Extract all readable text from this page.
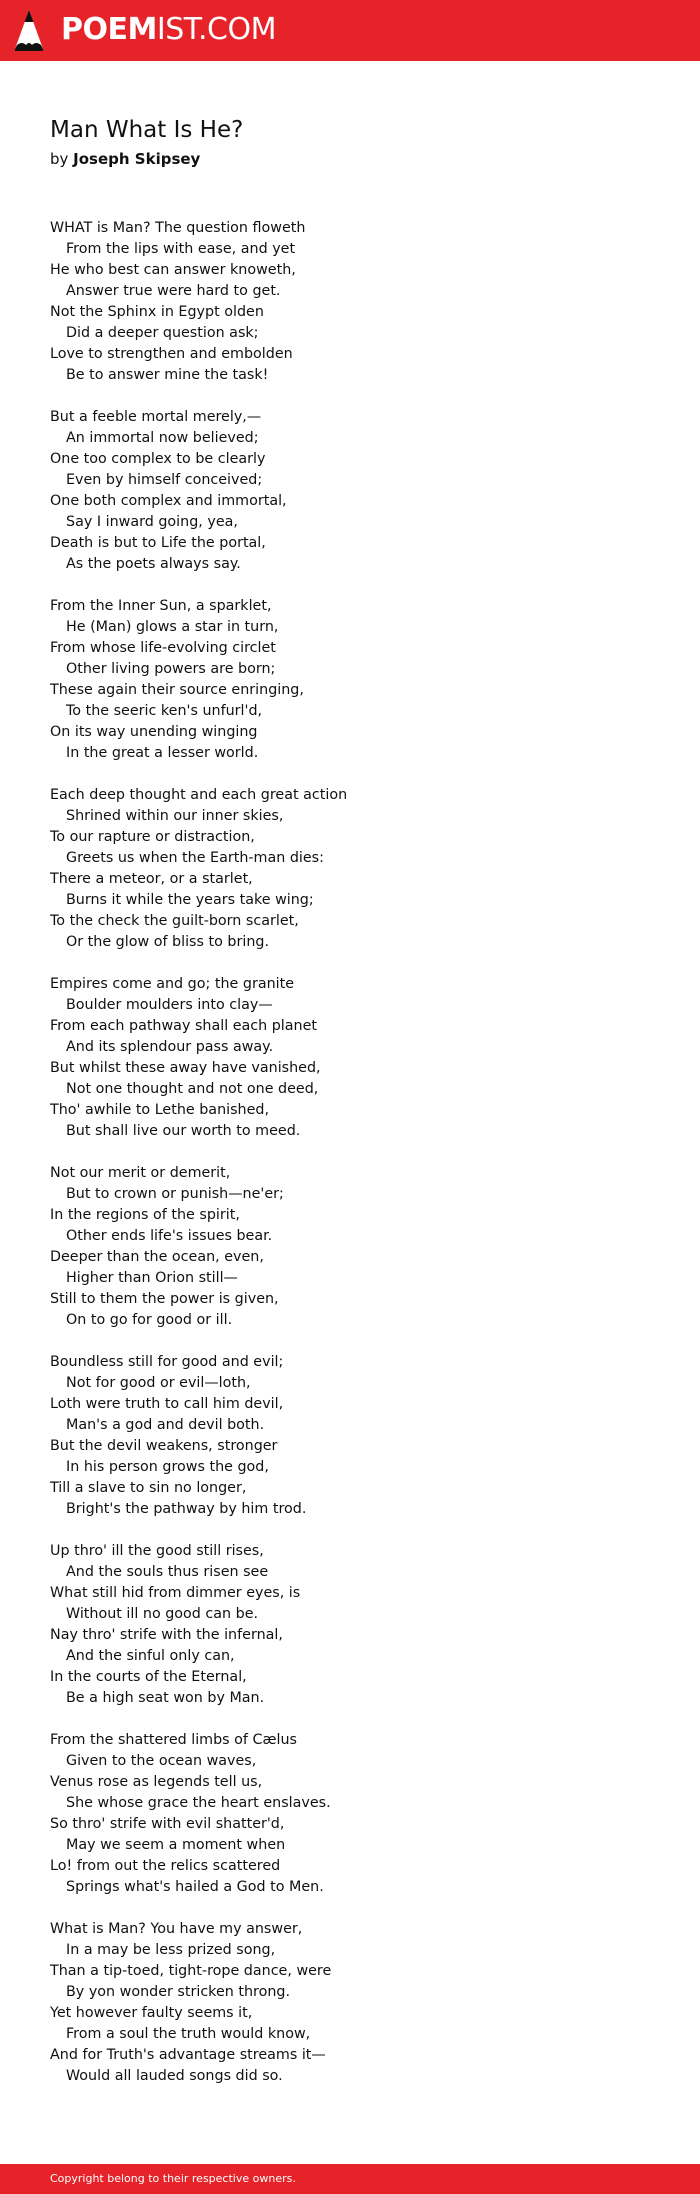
POEMIST.COM
Man What Is He?
by Joseph Skipsey
WHAT is Man? The question floweth
From the lips with ease, and yet
He who best can answer knoweth,
Answer true were hard to get.
Not the Sphinx in Egypt olden
Did a deeper question ask;
Love to strengthen and embolden
Be to answer mine the task!
But a feeble mortal merely,—
An immortal now believed;
One too complex to be clearly
Even by himself conceived;
One both complex and immortal,
Say I inward going, yea,
Death is but to Life the portal,
As the poets always say.
From the Inner Sun, a sparklet,
He (Man) glows a star in turn,
From whose life-evolving circlet
Other living powers are born;
These again their source enringing,
To the seeric ken's unfurl'd,
On its way unending winging
In the great a lesser world.
Each deep thought and each great action
Shrined within our inner skies,
To our rapture or distraction,
Greets us when the Earth-man dies:
There a meteor, or a starlet,
Burns it while the years take wing;
To the check the guilt-born scarlet,
Or the glow of bliss to bring.
Empires come and go; the granite
Boulder moulders into clay—
From each pathway shall each planet
And its splendour pass away.
But whilst these away have vanished,
Not one thought and not one deed,
Tho' awhile to Lethe banished,
But shall live our worth to meed.
Not our merit or demerit,
But to crown or punish—ne'er;
In the regions of the spirit,
Other ends life's issues bear.
Deeper than the ocean, even,
Higher than Orion still—
Still to them the power is given,
On to go for good or ill.
Boundless still for good and evil;
Not for good or evil—loth,
Loth were truth to call him devil,
Man's a god and devil both.
But the devil weakens, stronger
In his person grows the god,
Till a slave to sin no longer,
Bright's the pathway by him trod.
Up thro' ill the good still rises,
And the souls thus risen see
What still hid from dimmer eyes, is
Without ill no good can be.
Nay thro' strife with the infernal,
And the sinful only can,
In the courts of the Eternal,
Be a high seat won by Man.
From the shattered limbs of Cælus
Given to the ocean waves,
Venus rose as legends tell us,
She whose grace the heart enslaves.
So thro' strife with evil shatter'd,
May we seem a moment when
Lo! from out the relics scattered
Springs what's hailed a God to Men.
What is Man? You have my answer,
In a may be less prized song,
Than a tip-toed, tight-rope dance, were
By yon wonder stricken throng.
Yet however faulty seems it,
From a soul the truth would know,
And for Truth's advantage streams it—
Would all lauded songs did so.
Copyright belong to their respective owners.
